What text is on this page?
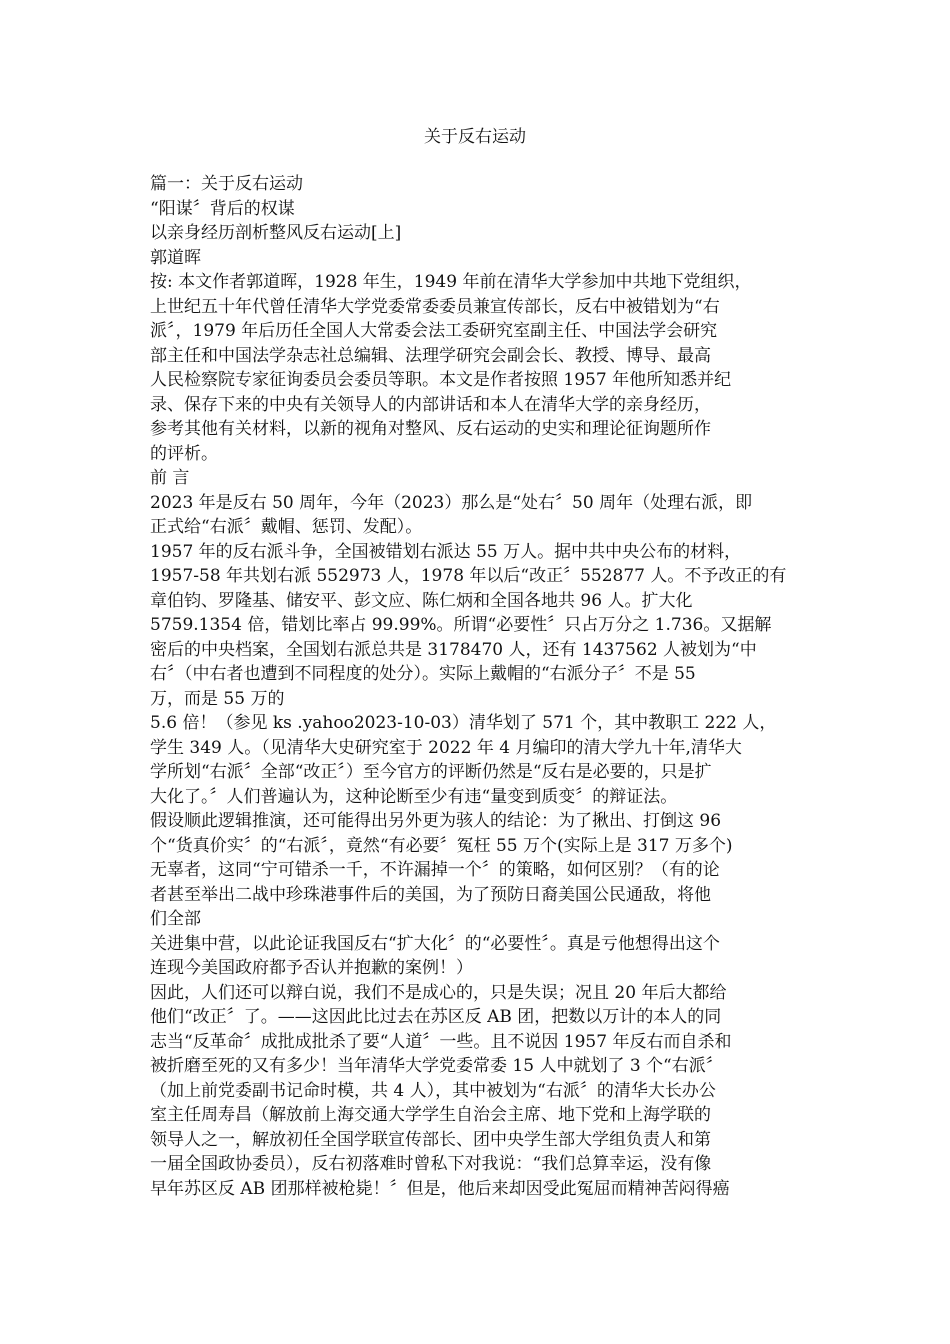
关于反右运动
篇一：关于反右运动
“阳谋〞背后的权谋
以亲身经历剖析整风反右运动[上]
郭道晖
按: 本文作者郭道晖，1928 年生，1949 年前在清华大学参加中共地下党组织，
上世纪五十年代曾任清华大学党委常委委员兼宣传部长，反右中被错划为“右
派〞，1979 年后历任全国人大常委会法工委研究室副主任、中国法学会研究
部主任和中国法学杂志社总编辑、法理学研究会副会长、教授、博导、最高
人民检察院专家征询委员会委员等职。本文是作者按照 1957 年他所知悉并纪
录、保存下来的中央有关领导人的内部讲话和本人在清华大学的亲身经历，
参考其他有关材料，以新的视角对整风、反右运动的史实和理论征询题所作
的评析。
前 言
2023 年是反右 50 周年，今年（2023）那么是“处右〞50 周年（处理右派，即
正式给“右派〞戴帽、惩罚、发配）。
1957 年的反右派斗争，全国被错划右派达 55 万人。据中共中央公布的材料，
1957-58 年共划右派 552973 人，1978 年以后“改正〞552877 人。不予改正的有
章伯钧、罗隆基、储安平、彭文应、陈仁炳和全国各地共 96 人。扩大化
5759.1354 倍，错划比率占 99.99%。所谓“必要性〞只占万分之 1.736。又据解
密后的中央档案，全国划右派总共是 3178470 人，还有 1437562 人被划为“中
右〞（中右者也遭到不同程度的处分）。实际上戴帽的“右派分子〞不是 55
万，而是 55 万的
5.6 倍！（参见 ks .yahoo2023-10-03）清华划了 571 个，其中教职工 222 人，
学生 349 人。（见清华大史研究室于 2022 年 4 月编印的清大学九十年,清华大
学所划“右派〞全部“改正〞）至今官方的评断仍然是“反右是必要的，只是扩
大化了。〞人们普遍认为，这种论断至少有违“量变到质变〞的辩证法。
假设顺此逻辑推演，还可能得出另外更为骇人的结论：为了揪出、打倒这 96
个“货真价实〞的“右派〞，竟然“有必要〞冤枉 55 万个(实际上是 317 万多个)
无辜者，这同“宁可错杀一千，不许漏掉一个〞的策略，如何区别？（有的论
者甚至举出二战中珍珠港事件后的美国，为了预防日裔美国公民通敌，将他
们全部
关进集中营，以此论证我国反右“扩大化〞的“必要性〞。真是亏他想得出这个
连现今美国政府都予否认并抱歉的案例！）
因此，人们还可以辩白说，我们不是成心的，只是失误；况且 20 年后大都给
他们“改正〞了。——这因此比过去在苏区反 AB 团，把数以万计的本人的同
志当“反革命〞成批成批杀了要“人道〞一些。且不说因 1957 年反右而自杀和
被折磨至死的又有多少！当年清华大学党委常委 15 人中就划了 3 个“右派〞
（加上前党委副书记命时模，共 4 人），其中被划为“右派〞的清华大长办公
室主任周寿昌（解放前上海交通大学学生自治会主席、地下党和上海学联的
领导人之一，解放初任全国学联宣传部长、团中央学生部大学组负责人和第
一届全国政协委员），反右初落难时曾私下对我说：“我们总算幸运，没有像
早年苏区反 AB 团那样被枪毙！〞但是，他后来却因受此冤屈而精神苦闷得癌
